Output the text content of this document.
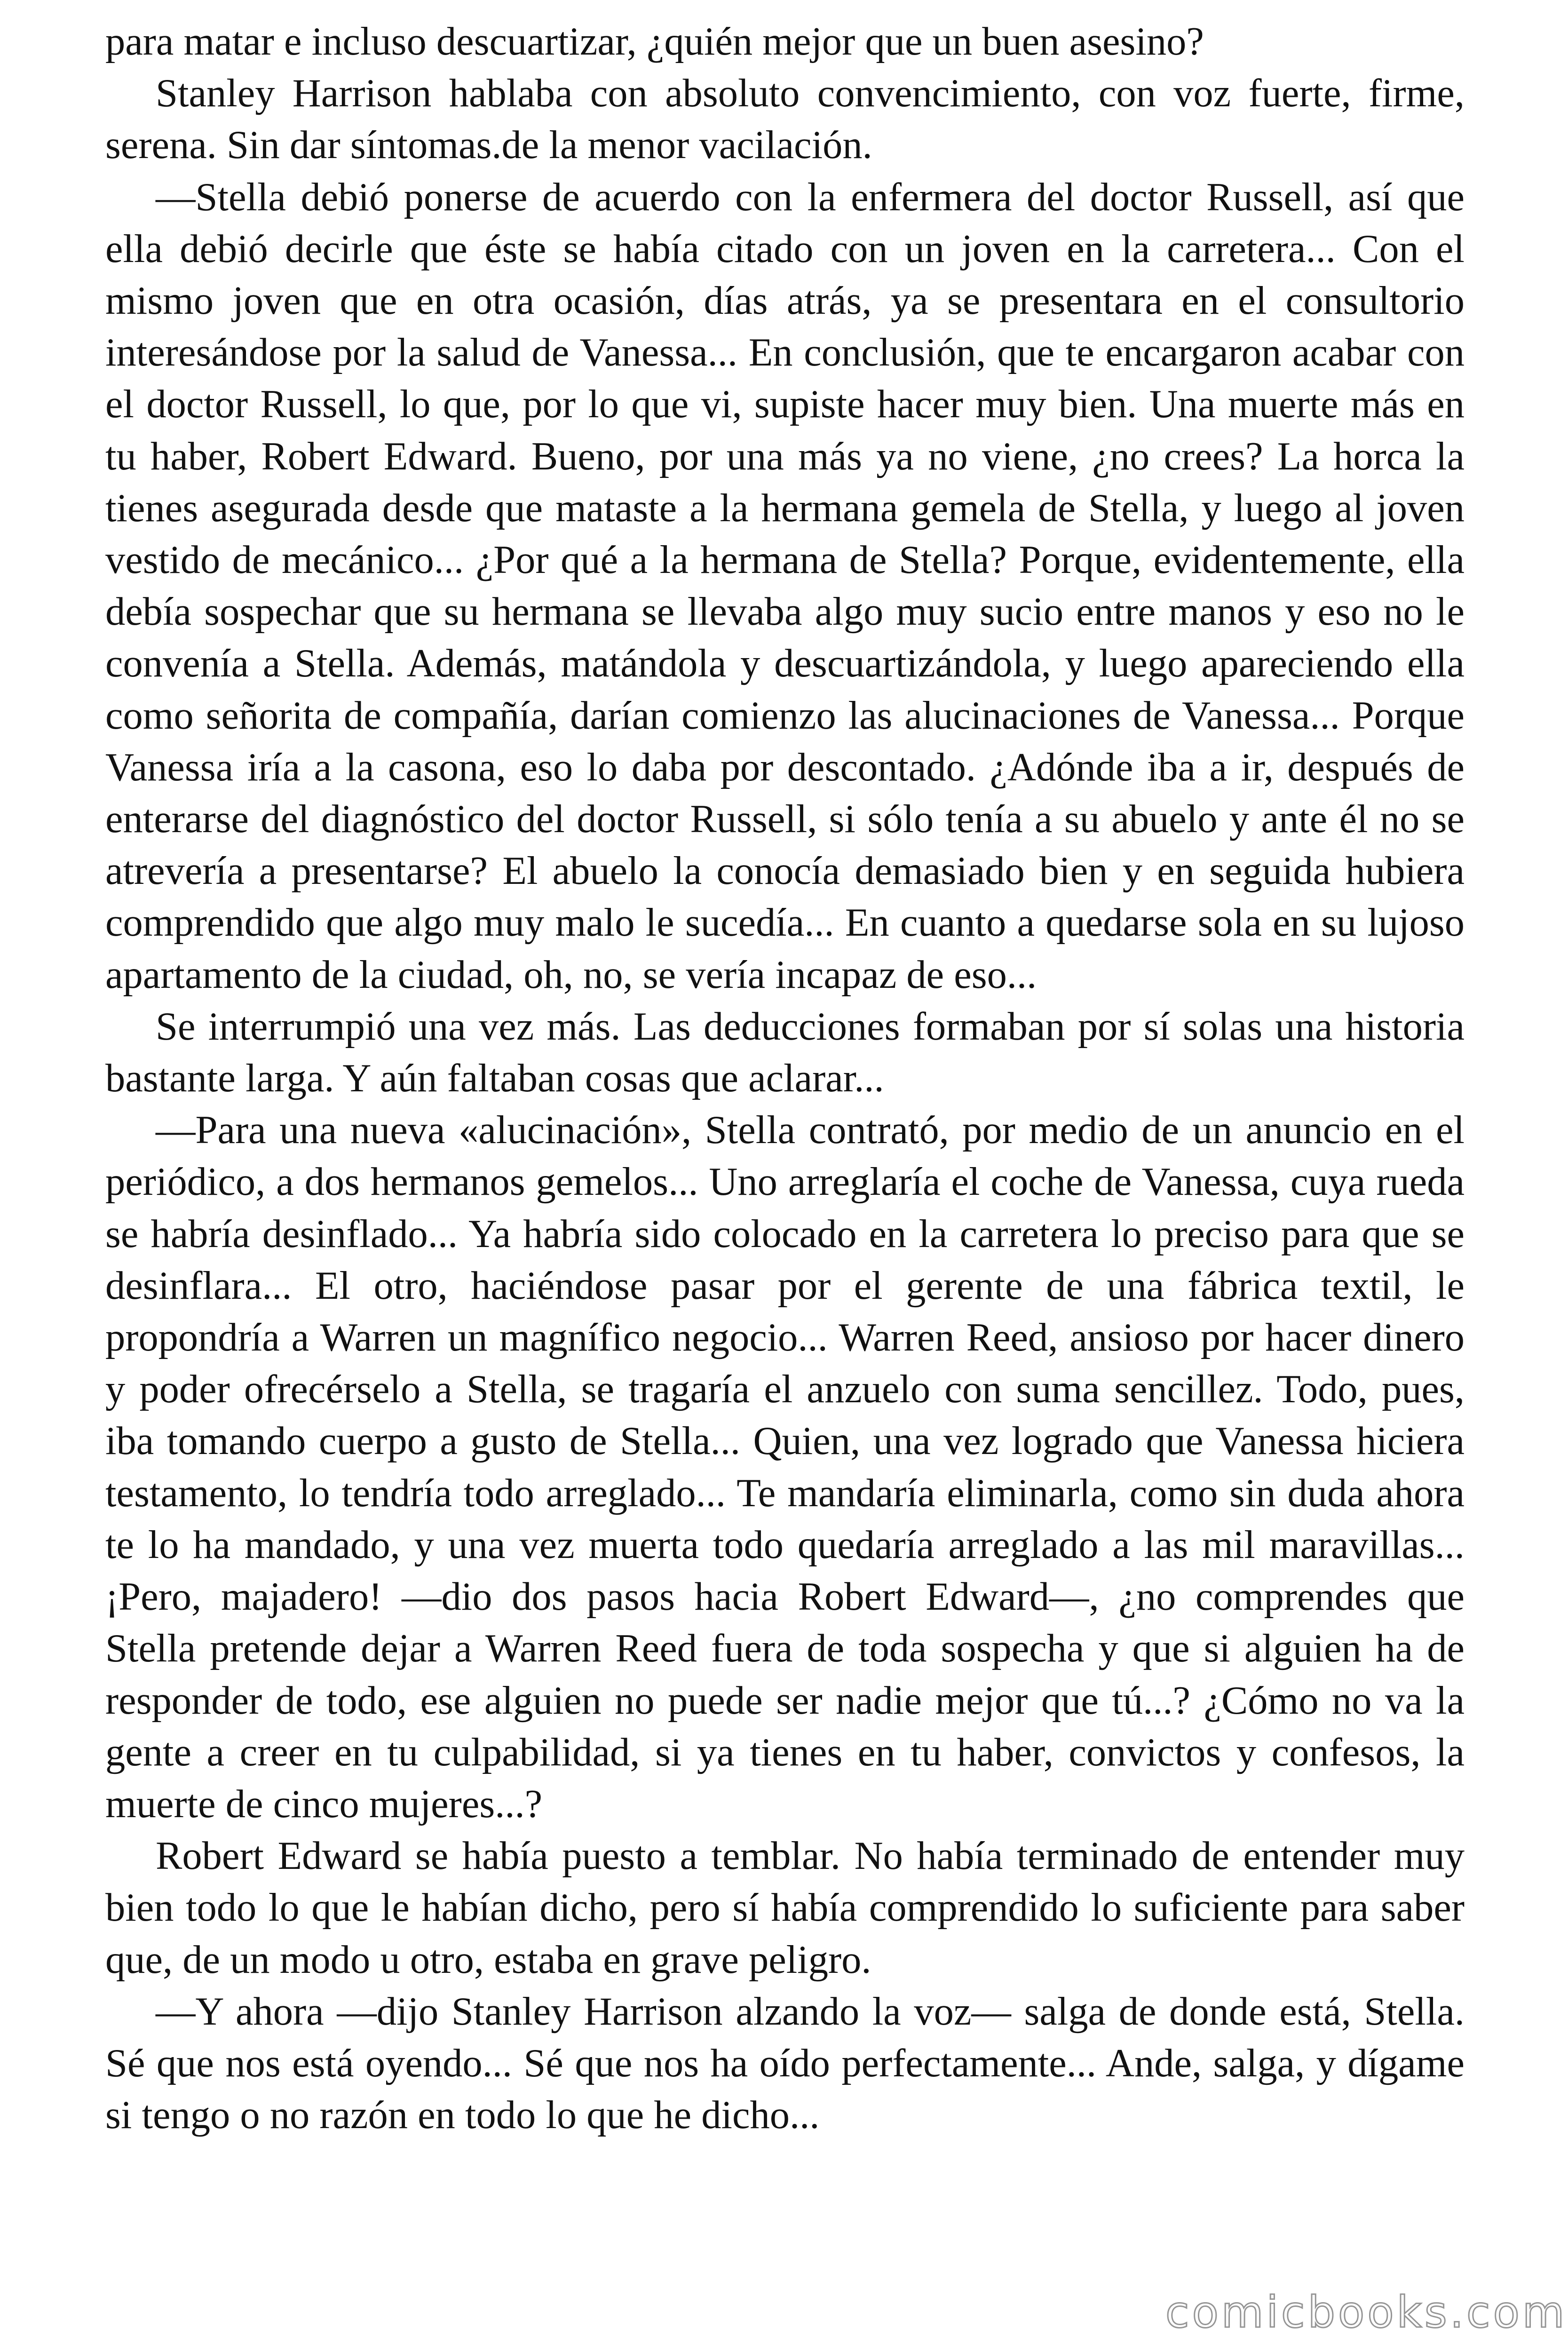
para matar e incluso descuartizar, ¿quién mejor que un buen asesino?

Stanley Harrison hablaba con absoluto convencimiento, con voz fuerte, firme, serena. Sin dar síntomas.de la menor vacilación.

—Stella debió ponerse de acuerdo con la enfermera del doctor Russell, así que ella debió decirle que éste se había citado con un joven en la carretera... Con el mismo joven que en otra ocasión, días atrás, ya se presentara en el consultorio interesándose por la salud de Vanessa... En conclusión, que te encargaron acabar con el doctor Russell, lo que, por lo que vi, supiste hacer muy bien. Una muerte más en tu haber, Robert Edward. Bueno, por una más ya no viene, ¿no crees? La horca la tienes asegurada desde que mataste a la hermana gemela de Stella, y luego al joven vestido de mecánico... ¿Por qué a la hermana de Stella? Porque, evidentemente, ella debía sospechar que su hermana se llevaba algo muy sucio entre manos y eso no le convenía a Stella. Además, matándola y descuartizándola, y luego apareciendo ella como señorita de compañía, darían comienzo las alucinaciones de Vanessa... Porque Vanessa iría a la casona, eso lo daba por descontado. ¿Adónde iba a ir, después de enterarse del diagnóstico del doctor Russell, si sólo tenía a su abuelo y ante él no se atrevería a presentarse? El abuelo la conocía demasiado bien y en seguida hubiera comprendido que algo muy malo le sucedía... En cuanto a quedarse sola en su lujoso apartamento de la ciudad, oh, no, se vería incapaz de eso...

Se interrumpió una vez más. Las deducciones formaban por sí solas una historia bastante larga. Y aún faltaban cosas que aclarar...

—Para una nueva «alucinación», Stella contrató, por medio de un anuncio en el periódico, a dos hermanos gemelos... Uno arreglaría el coche de Vanessa, cuya rueda se habría desinflado... Ya habría sido colocado en la carretera lo preciso para que se desinflara... El otro, haciéndose pasar por el gerente de una fábrica textil, le propondría a Warren un magnífico negocio... Warren Reed, ansioso por hacer dinero y poder ofrecérselo a Stella, se tragaría el anzuelo con suma sencillez. Todo, pues, iba tomando cuerpo a gusto de Stella... Quien, una vez logrado que Vanessa hiciera testamento, lo tendría todo arreglado... Te mandaría eliminarla, como sin duda ahora te lo ha mandado, y una vez muerta todo quedaría arreglado a las mil maravillas... ¡Pero, majadero! —dio dos pasos hacia Robert Edward—, ¿no comprendes que Stella pretende dejar a Warren Reed fuera de toda sospecha y que si alguien ha de responder de todo, ese alguien no puede ser nadie mejor que tú...? ¿Cómo no va la gente a creer en tu culpabilidad, si ya tienes en tu haber, convictos y confesos, la muerte de cinco mujeres...?

Robert Edward se había puesto a temblar. No había terminado de entender muy bien todo lo que le habían dicho, pero sí había comprendido lo suficiente para saber que, de un modo u otro, estaba en grave peligro.

—Y ahora —dijo Stanley Harrison alzando la voz— salga de donde está, Stella. Sé que nos está oyendo... Sé que nos ha oído perfectamente... Ande, salga, y dígame si tengo o no razón en todo lo que he dicho...

comicbooks.com
